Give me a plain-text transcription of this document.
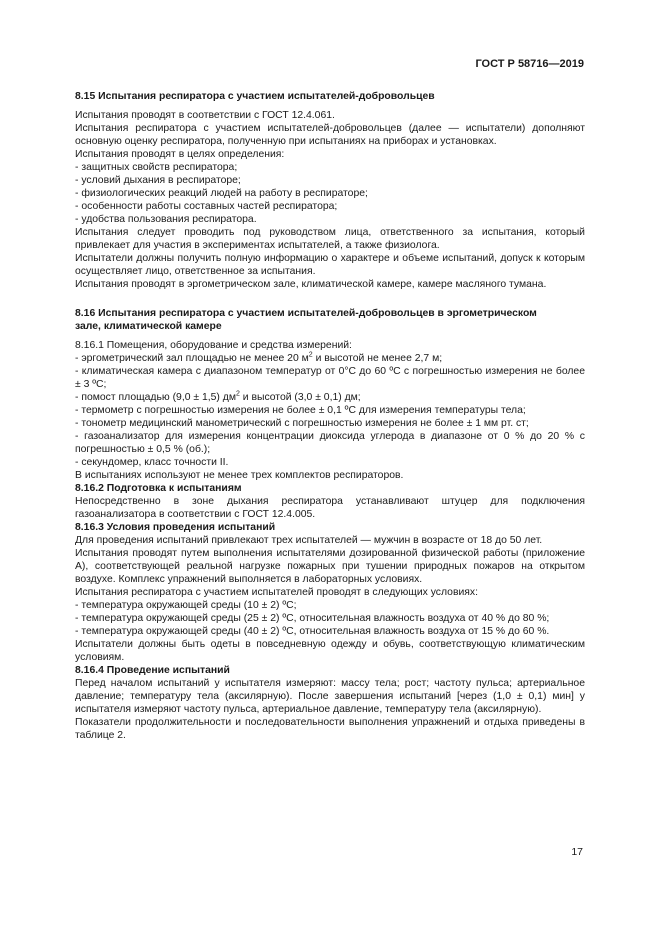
ГОСТ Р 58716—2019
8.15 Испытания респиратора с участием испытателей-добровольцев

Испытания проводят в соответствии с ГОСТ 12.4.061.

Испытания респиратора с участием испытателей-добровольцев (далее — испытатели) дополняют основную оценку респиратора, полученную при испытаниях на приборах и установках.

Испытания проводят в целях определения:

- защитных свойств респиратора;

- условий дыхания в респираторе;

- физиологических реакций людей на работу в респираторе;

- особенности работы составных частей респиратора;

- удобства пользования респиратора.

Испытания следует проводить под руководством лица, ответственного за испытания, который привлекает для участия в экспериментах испытателей, а также физиолога.

Испытатели должны получить полную информацию о характере и объеме испытаний, допуск к которым осуществляет лицо, ответственное за испытания.

Испытания проводят в эргометрическом зале, климатической камере, камере масляного тумана.

8.16 Испытания респиратора с участием испытателей-добровольцев в эргометрическом
зале, климатической камере

8.16.1 Помещения, оборудование и средства измерений:

- эргометрический зал площадью не менее 20 $м^2$ и высотой не менее 2,7 м;

- климатическая камера с диапазоном температур от 0°С до 60 ºС с погрешностью измерения не более ± 3 ºС;

- помост площадью (9,0 ± 1,5) $дм^2$ и высотой (3,0 ± 0,1) дм;

- термометр с погрешностью измерения не более ± 0,1 ºС для измерения температуры тела;

- тонометр медицинский манометрический с погрешностью измерения не более ± 1 мм рт. ст;

- газоанализатор для измерения концентрации диоксида углерода в диапазоне от 0 % до 20 % с погрешностью ± 0,5 % (об.);

- секундомер, класс точности II.

В испытаниях используют не менее трех комплектов респираторов.

8.16.2 Подготовка к испытаниям

Непосредственно в зоне дыхания респиратора устанавливают штуцер для подключения газоанализатора в соответствии с ГОСТ 12.4.005.

8.16.3 Условия проведения испытаний

Для проведения испытаний привлекают трех испытателей — мужчин в возрасте от 18 до 50 лет.

Испытания проводят путем выполнения испытателями дозированной физической работы (приложение А), соответствующей реальной нагрузке пожарных при тушении природных пожаров на открытом воздухе. Комплекс упражнений выполняется в лабораторных условиях.

Испытания респиратора с участием испытателей проводят в следующих условиях:

- температура окружающей среды (10 ± 2) ºС;

- температура окружающей среды (25 ± 2) ºС, относительная влажность воздуха от 40 % до 80 %;

- температура окружающей среды (40 ± 2) ºС, относительная влажность воздуха от 15 % до 60 %.

Испытатели должны быть одеты в повседневную одежду и обувь, соответствующую климатическим условиям.

8.16.4 Проведение испытаний

Перед началом испытаний у испытателя измеряют: массу тела; рост; частоту пульса; артериальное давление; температуру тела (аксилярную). После завершения испытаний [через (1,0 ± 0,1) мин] у испытателя измеряют частоту пульса, артериальное давление, температуру тела (аксилярную).

Показатели продолжительности и последовательности выполнения упражнений и отдыха приведены в таблице 2.

17
